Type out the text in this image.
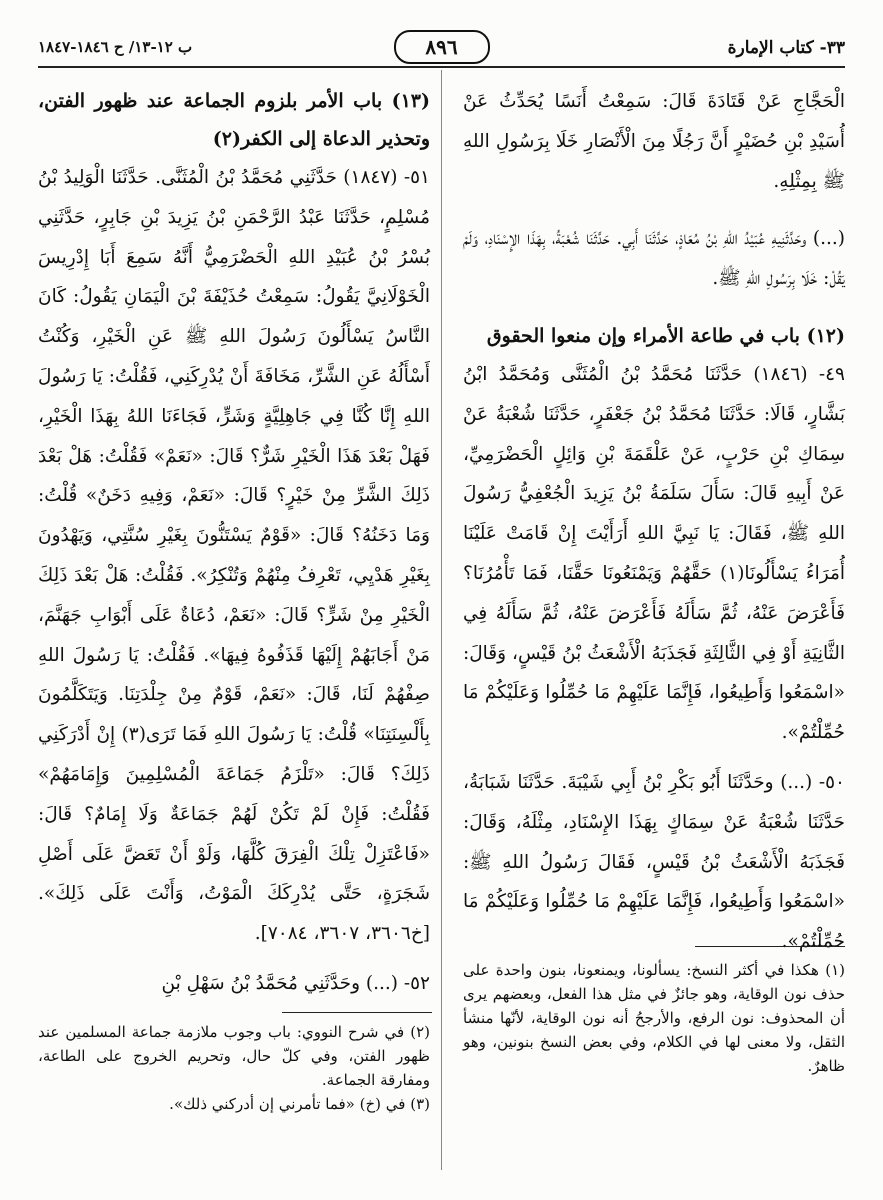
٣٣- كتاب الإمارة
٨٩٦
ب ١٢-١٣/ ح ١٨٤٦-١٨٤٧

الْحَجَّاجِ عَنْ قَتَادَةَ قَالَ: سَمِعْتُ أَنَسًا يُحَدِّثُ عَنْ أُسَيْدِ بْنِ حُضَيْرٍ أَنَّ رَجُلًا مِنَ الْأَنْصَارِ خَلَا بِرَسُولِ اللهِ ﷺ بِمِثْلِهِ.

(...) وحَدَّثَنِيهِ عُبَيْدُ اللهِ بْنُ مُعَاذٍ، حَدَّثَنَا أَبِي. حَدَّثَنَا شُعْبَةُ، بِهَذَا الإِسْنَادِ، وَلَمْ يَقُلْ: خَلَا بِرَسُولِ اللهِ ﷺ.

(١٢) باب في طاعة الأمراء وإن منعوا الحقوق

٤٩- (١٨٤٦) حَدَّثَنَا مُحَمَّدُ بْنُ الْمُثَنَّى وَمُحَمَّدُ ابْنُ بَشَّارٍ، قَالَا: حَدَّثَنَا مُحَمَّدُ بْنُ جَعْفَرٍ، حَدَّثَنَا شُعْبَةُ عَنْ سِمَاكِ بْنِ حَرْبٍ، عَنْ عَلْقَمَةَ بْنِ وَائِلٍ الْحَضْرَمِيِّ، عَنْ أَبِيهِ قَالَ: سَأَلَ سَلَمَةُ بْنُ يَزِيدَ الْجُعْفِيُّ رَسُولَ اللهِ ﷺ، فَقَالَ: يَا نَبِيَّ اللهِ أَرَأَيْتَ إِنْ قَامَتْ عَلَيْنَا أُمَرَاءُ يَسْأَلُونَا(١) حَقَّهُمْ وَيَمْنَعُونَا حَقَّنَا، فَمَا تَأْمُرُنَا؟ فَأَعْرَضَ عَنْهُ، ثُمَّ سَأَلَهُ فَأَعْرَضَ عَنْهُ، ثُمَّ سَأَلَهُ فِي الثَّانِيَةِ أَوْ فِي الثَّالِثَةِ فَجَذَبَهُ الْأَشْعَثُ بْنُ قَيْسٍ، وَقَالَ: «اسْمَعُوا وَأَطِيعُوا، فَإِنَّمَا عَلَيْهِمْ مَا حُمِّلُوا وَعَلَيْكُمْ مَا حُمِّلْتُمْ».

٥٠- (...) وحَدَّثَنَا أَبُو بَكْرِ بْنُ أَبِي شَيْبَةَ. حَدَّثَنَا شَبَابَةُ، حَدَّثَنَا شُعْبَةُ عَنْ سِمَاكٍ بِهَذَا الإِسْنَادِ، مِثْلَهُ، وَقَالَ: فَجَذَبَهُ الْأَشْعَثُ بْنُ قَيْسٍ، فَقَالَ رَسُولُ اللهِ ﷺ: «اسْمَعُوا وَأَطِيعُوا، فَإِنَّمَا عَلَيْهِمْ مَا حُمِّلُوا وَعَلَيْكُمْ مَا حُمِّلْتُمْ».

(١٣) باب الأمر بلزوم الجماعة عند ظهور الفتن، وتحذير الدعاة إلى الكفر(٢)

٥١- (١٨٤٧) حَدَّثَنِي مُحَمَّدُ بْنُ الْمُثَنَّى. حَدَّثَنَا الْوَلِيدُ بْنُ مُسْلِمٍ، حَدَّثَنَا عَبْدُ الرَّحْمَنِ بْنُ يَزِيدَ بْنِ جَابِرٍ، حَدَّثَنِي بُسْرُ بْنُ عُبَيْدِ اللهِ الْحَضْرَمِيُّ أَنَّهُ سَمِعَ أَبَا إِدْرِيسَ الْخَوْلَانِيَّ يَقُولُ: سَمِعْتُ حُذَيْفَةَ بْنَ الْيَمَانِ يَقُولُ: كَانَ النَّاسُ يَسْأَلُونَ رَسُولَ اللهِ ﷺ عَنِ الْخَيْرِ، وَكُنْتُ أَسْأَلُهُ عَنِ الشَّرِّ، مَخَافَةَ أَنْ يُدْرِكَنِي، فَقُلْتُ: يَا رَسُولَ اللهِ إِنَّا كُنَّا فِي جَاهِلِيَّةٍ وَشَرٍّ، فَجَاءَنَا اللهُ بِهَذَا الْخَيْرِ، فَهَلْ بَعْدَ هَذَا الْخَيْرِ شَرٌّ؟ قَالَ: «نَعَمْ» فَقُلْتُ: هَلْ بَعْدَ ذَلِكَ الشَّرِّ مِنْ خَيْرٍ؟ قَالَ: «نَعَمْ، وَفِيهِ دَخَنٌ» قُلْتُ: وَمَا دَخَنُهُ؟ قَالَ: «قَوْمٌ يَسْتَنُّونَ بِغَيْرِ سُنَّتِي، وَيَهْدُونَ بِغَيْرِ هَدْيِي، تَعْرِفُ مِنْهُمْ وَتُنْكِرُ». فَقُلْتُ: هَلْ بَعْدَ ذَلِكَ الْخَيْرِ مِنْ شَرٍّ؟ قَالَ: «نَعَمْ، دُعَاةٌ عَلَى أَبْوَابِ جَهَنَّمَ، مَنْ أَجَابَهُمْ إِلَيْهَا قَذَفُوهُ فِيهَا». فَقُلْتُ: يَا رَسُولَ اللهِ صِفْهُمْ لَنَا، قَالَ: «نَعَمْ، قَوْمٌ مِنْ جِلْدَتِنَا. وَيَتَكَلَّمُونَ بِأَلْسِنَتِنَا» قُلْتُ: يَا رَسُولَ اللهِ فَمَا تَرَى(٣) إِنْ أَدْرَكَنِي ذَلِكَ؟ قَالَ: «تَلْزَمُ جَمَاعَةَ الْمُسْلِمِينَ وَإِمَامَهُمْ» فَقُلْتُ: فَإِنْ لَمْ تَكُنْ لَهُمْ جَمَاعَةٌ وَلَا إِمَامٌ؟ قَالَ: «فَاعْتَزِلْ تِلْكَ الْفِرَقَ كُلَّهَا، وَلَوْ أَنْ تَعَضَّ عَلَى أَصْلِ شَجَرَةٍ، حَتَّى يُدْرِكَكَ الْمَوْتُ، وَأَنْتَ عَلَى ذَلِكَ». [خ٣٦٠٦، ٣٦٠٧، ٧٠٨٤].

٥٢- (...) وحَدَّثَنِي مُحَمَّدُ بْنُ سَهْلِ بْنِ

(١) هكذا في أكثر النسخ: يسألونا، ويمنعونا، بنون واحدة على حذف نون الوقاية، وهو جائزٌ في مثل هذا الفعل، وبعضهم يرى أن المحذوف: نون الرفع، والأرجحُ أنه نون الوقاية، لأنّها منشأ الثقل، ولا معنى لها في الكلام، وفي بعض النسخ بنونين، وهو ظاهرٌ.

(٢) في شرح النووي: باب وجوب ملازمة جماعة المسلمين عند ظهور الفتن، وفي كلّ حال، وتحريم الخروج على الطاعة، ومفارقة الجماعة.

(٣) في (خ) «فما تأمرني إن أدركني ذلك».
